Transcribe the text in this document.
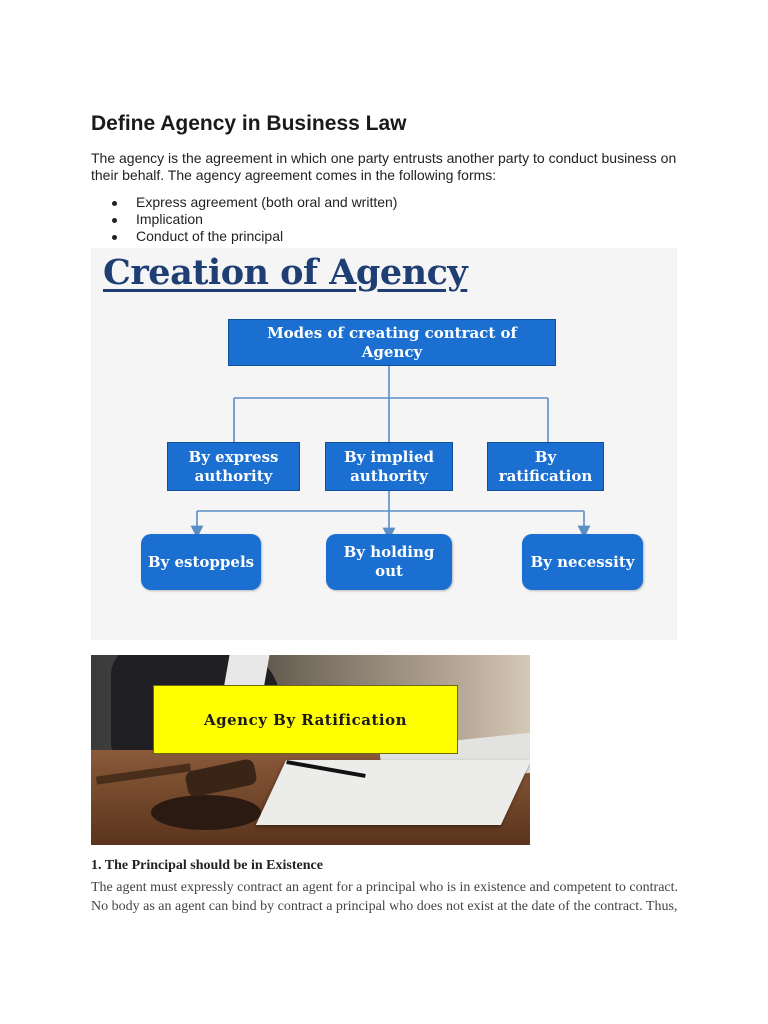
Define Agency in Business Law

The agency is the agreement in which one party entrusts another party to conduct business on their behalf. The agency agreement comes in the following forms:

Express agreement (both oral and written)
Implication
Conduct of the principal
Creation of Agency
Modes of creating contract of Agency
By express authority
By implied authority
By ratification
By estoppels
By holding out
By necessity
Agency By Ratification
1. The Principal should be in Existence
The agent must expressly contract an agent for a principal who is in existence and competent to contract.
No body as an agent can bind by contract a principal who does not exist at the date of the contract. Thus,
